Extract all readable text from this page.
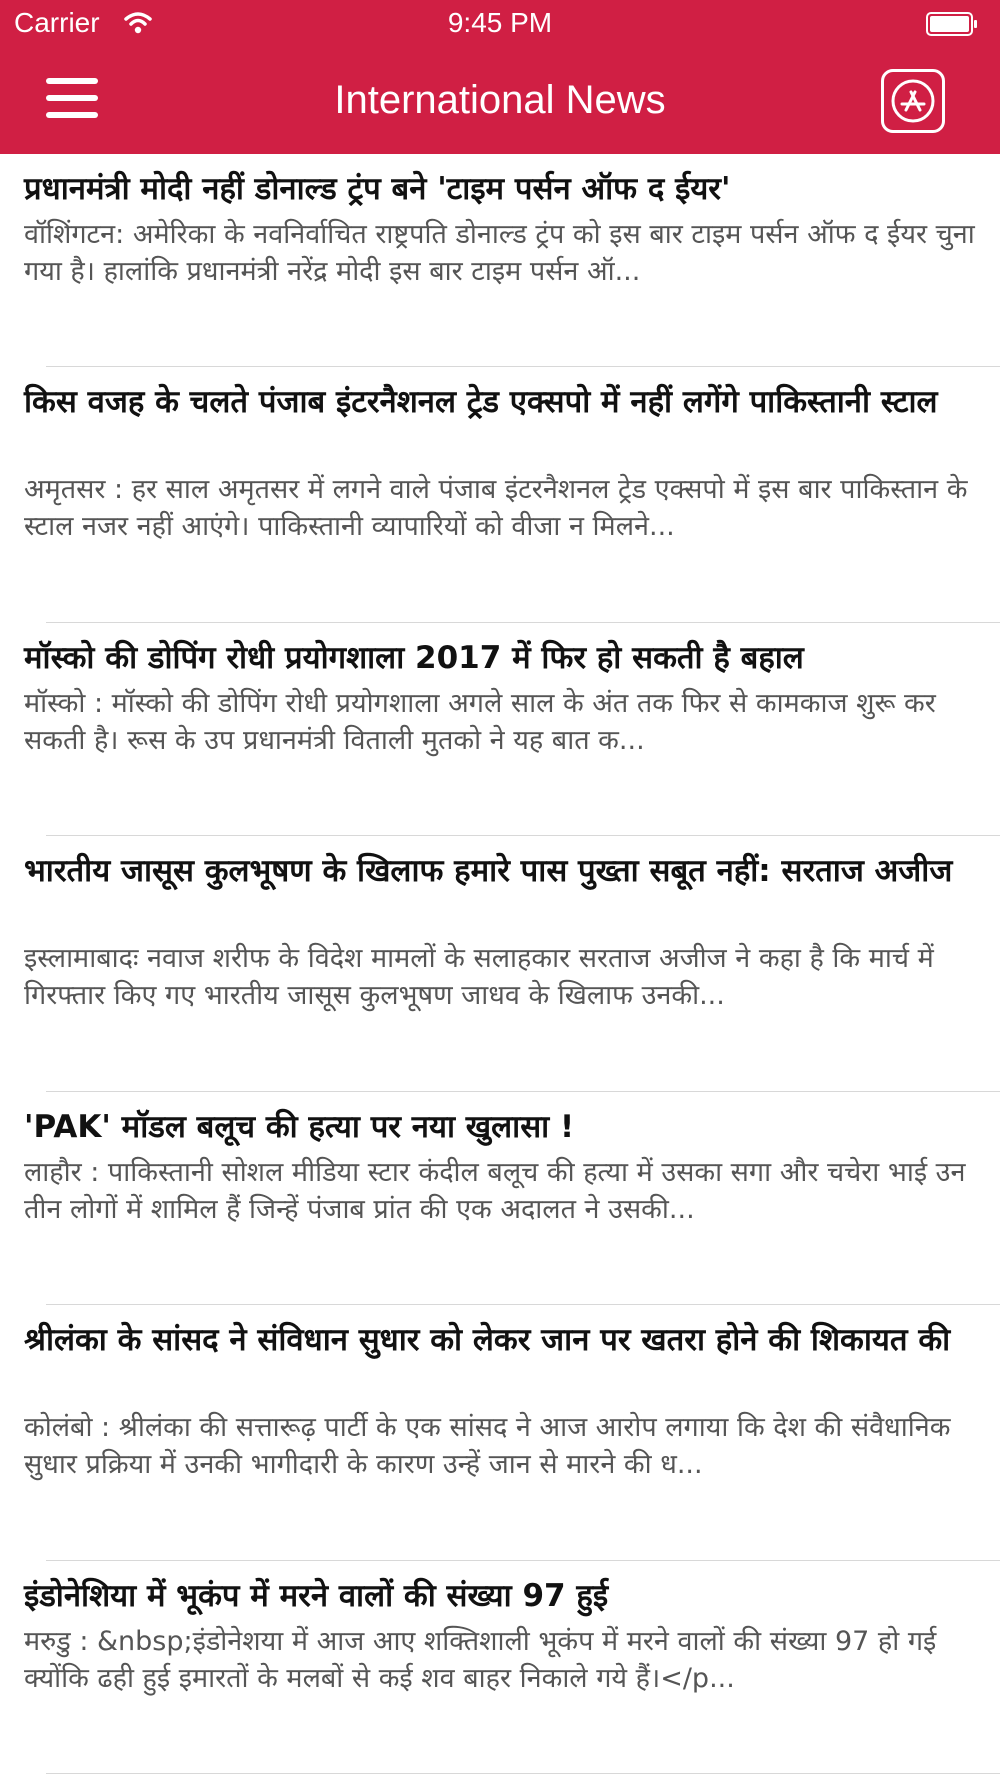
Carrier	9:45 PM
International News
प्रधानमंत्री मोदी नहीं डोनाल्ड ट्रंप बने 'टाइम पर्सन ऑफ द ईयर'
वॉशिंगटन: अमेरिका के नवनिर्वाचित राष्ट्रपति डोनाल्ड ट्रंप को इस बार टाइम पर्सन ऑफ द ईयर चुना गया है। हालांकि प्रधानमंत्री नरेंद्र मोदी इस बार टाइम पर्सन ऑ...
किस वजह के चलते पंजाब इंटरनैशनल ट्रेड एक्सपो में नहीं लगेंगे पाकिस्तानी स्टाल
अमृतसर : हर साल अमृतसर में लगने वाले पंजाब इंटरनैशनल ट्रेड एक्सपो में इस बार पाकिस्तान के स्टाल नजर नहीं आएंगे। पाकिस्तानी व्यापारियों को वीजा न मिलने...
मॉस्को की डोपिंग रोधी प्रयोगशाला 2017 में फिर हो सकती है बहाल
मॉस्को : मॉस्को की डोपिंग रोधी प्रयोगशाला अगले साल के अंत तक फिर से कामकाज शुरू कर सकती है। रूस के उप प्रधानमंत्री विताली मुतको ने यह बात क...
भारतीय जासूस कुलभूषण के खिलाफ हमारे पास पुख्ता सबूत नहीं: सरताज अजीज
इस्लामाबादः नवाज शरीफ के विदेश मामलों के सलाहकार सरताज अजीज ने कहा है कि मार्च में गिरफ्तार किए गए भारतीय जासूस कुलभूषण जाधव के खिलाफ उनकी...
'PAK' मॉडल बलूच की हत्या पर नया खुलासा !
लाहौर : पाकिस्तानी सोशल मीडिया स्टार कंदील बलूच की हत्या में उसका सगा और चचेरा भाई उन तीन लोगों में शामिल हैं जिन्हें पंजाब प्रांत की एक अदालत ने उसकी...
श्रीलंका के सांसद ने संविधान सुधार को लेकर जान पर खतरा होने की शिकायत की
कोलंबो : श्रीलंका की सत्तारूढ़ पार्टी के एक सांसद ने आज आरोप लगाया कि देश की संवैधानिक सुधार प्रक्रिया में उनकी भागीदारी के कारण उन्हें जान से मारने की ध...
इंडोनेशिया में भूकंप में मरने वालों की संख्या 97 हुई
मरुडु : &nbsp;इंडोनेशया में आज आए शक्तिशाली भूकंप में मरने वालों की संख्या 97 हो गई क्योंकि ढही हुई इमारतों के मलबों से कई शव बाहर निकाले गये हैं।</p...
